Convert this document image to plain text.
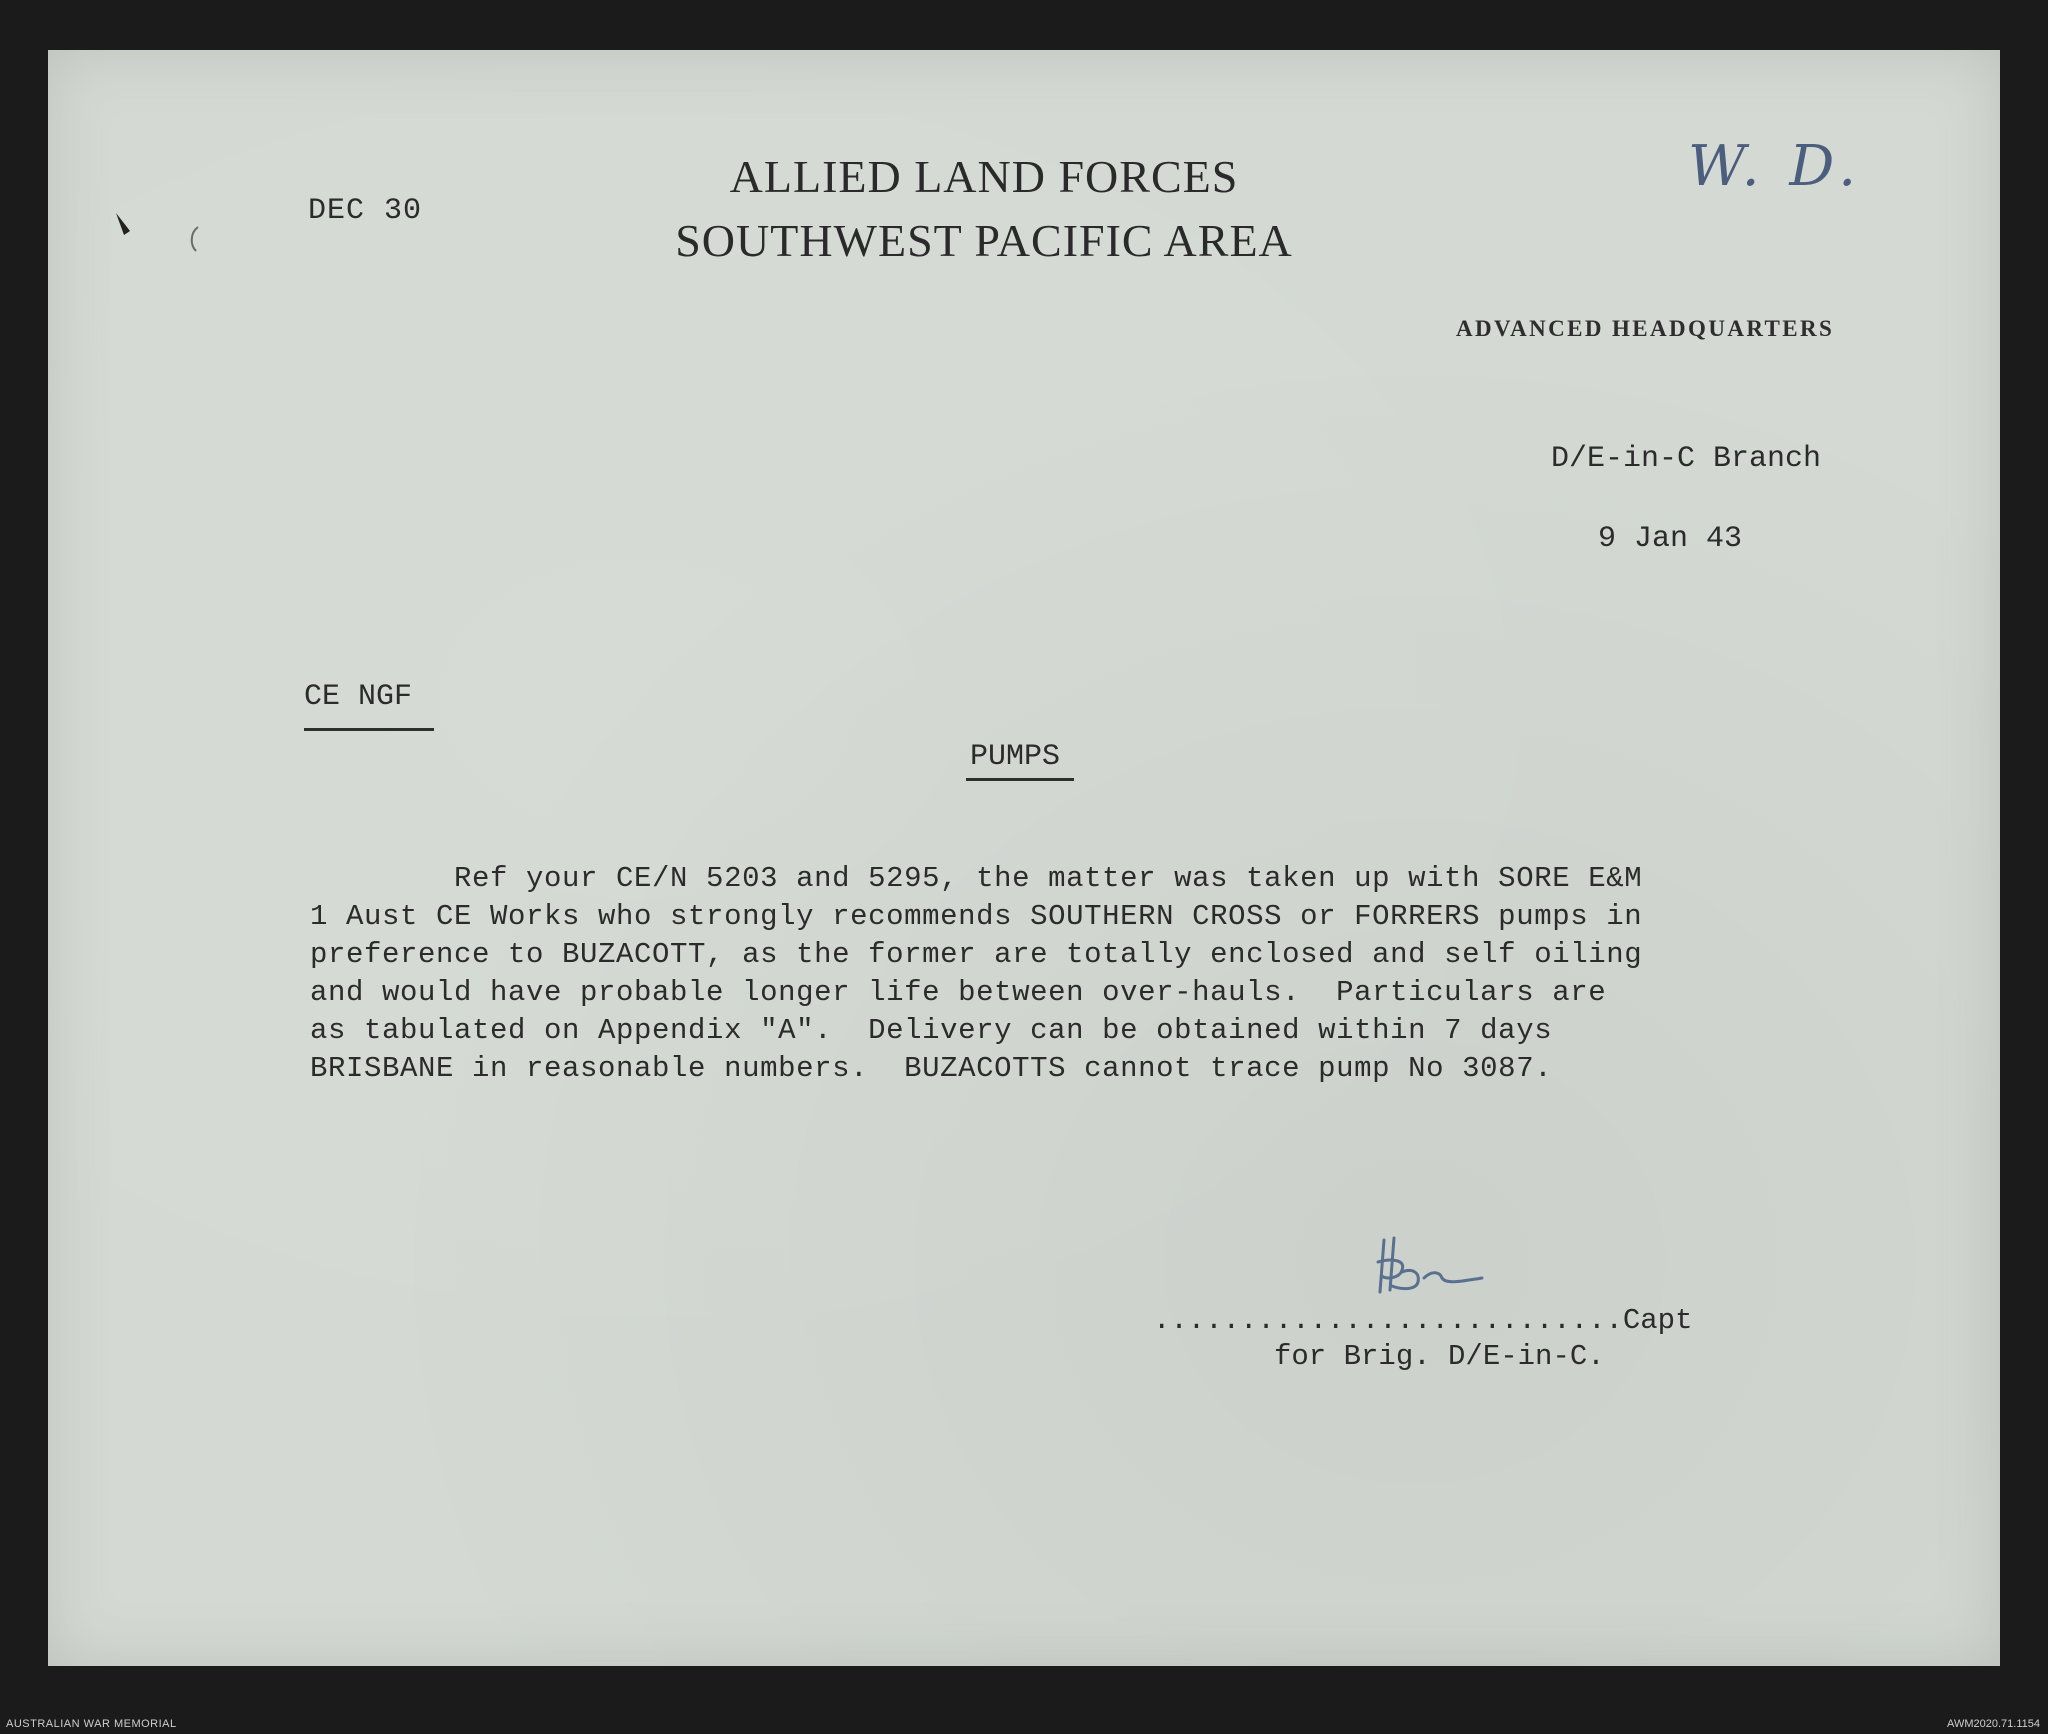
DEC 30
ALLIED LAND FORCES
SOUTHWEST PACIFIC AREA
W. D.
ADVANCED HEADQUARTERS
D/E-in-C Branch
9 Jan 43
CE NGF
PUMPS
Ref your CE/N 5203 and 5295, the matter was taken up with SORE E&M
1 Aust CE Works who strongly recommends SOUTHERN CROSS or FORRERS pumps in
preference to BUZACOTT, as the former are totally enclosed and self oiling
and would have probable longer life between over-hauls.  Particulars are
as tabulated on Appendix "A".  Delivery can be obtained within 7 days
BRISBANE in reasonable numbers.  BUZACOTTS cannot trace pump No 3087.
...........................Capt
for Brig. D/E-in-C.
AUSTRALIAN WAR MEMORIAL	AWM2020.71.1154
